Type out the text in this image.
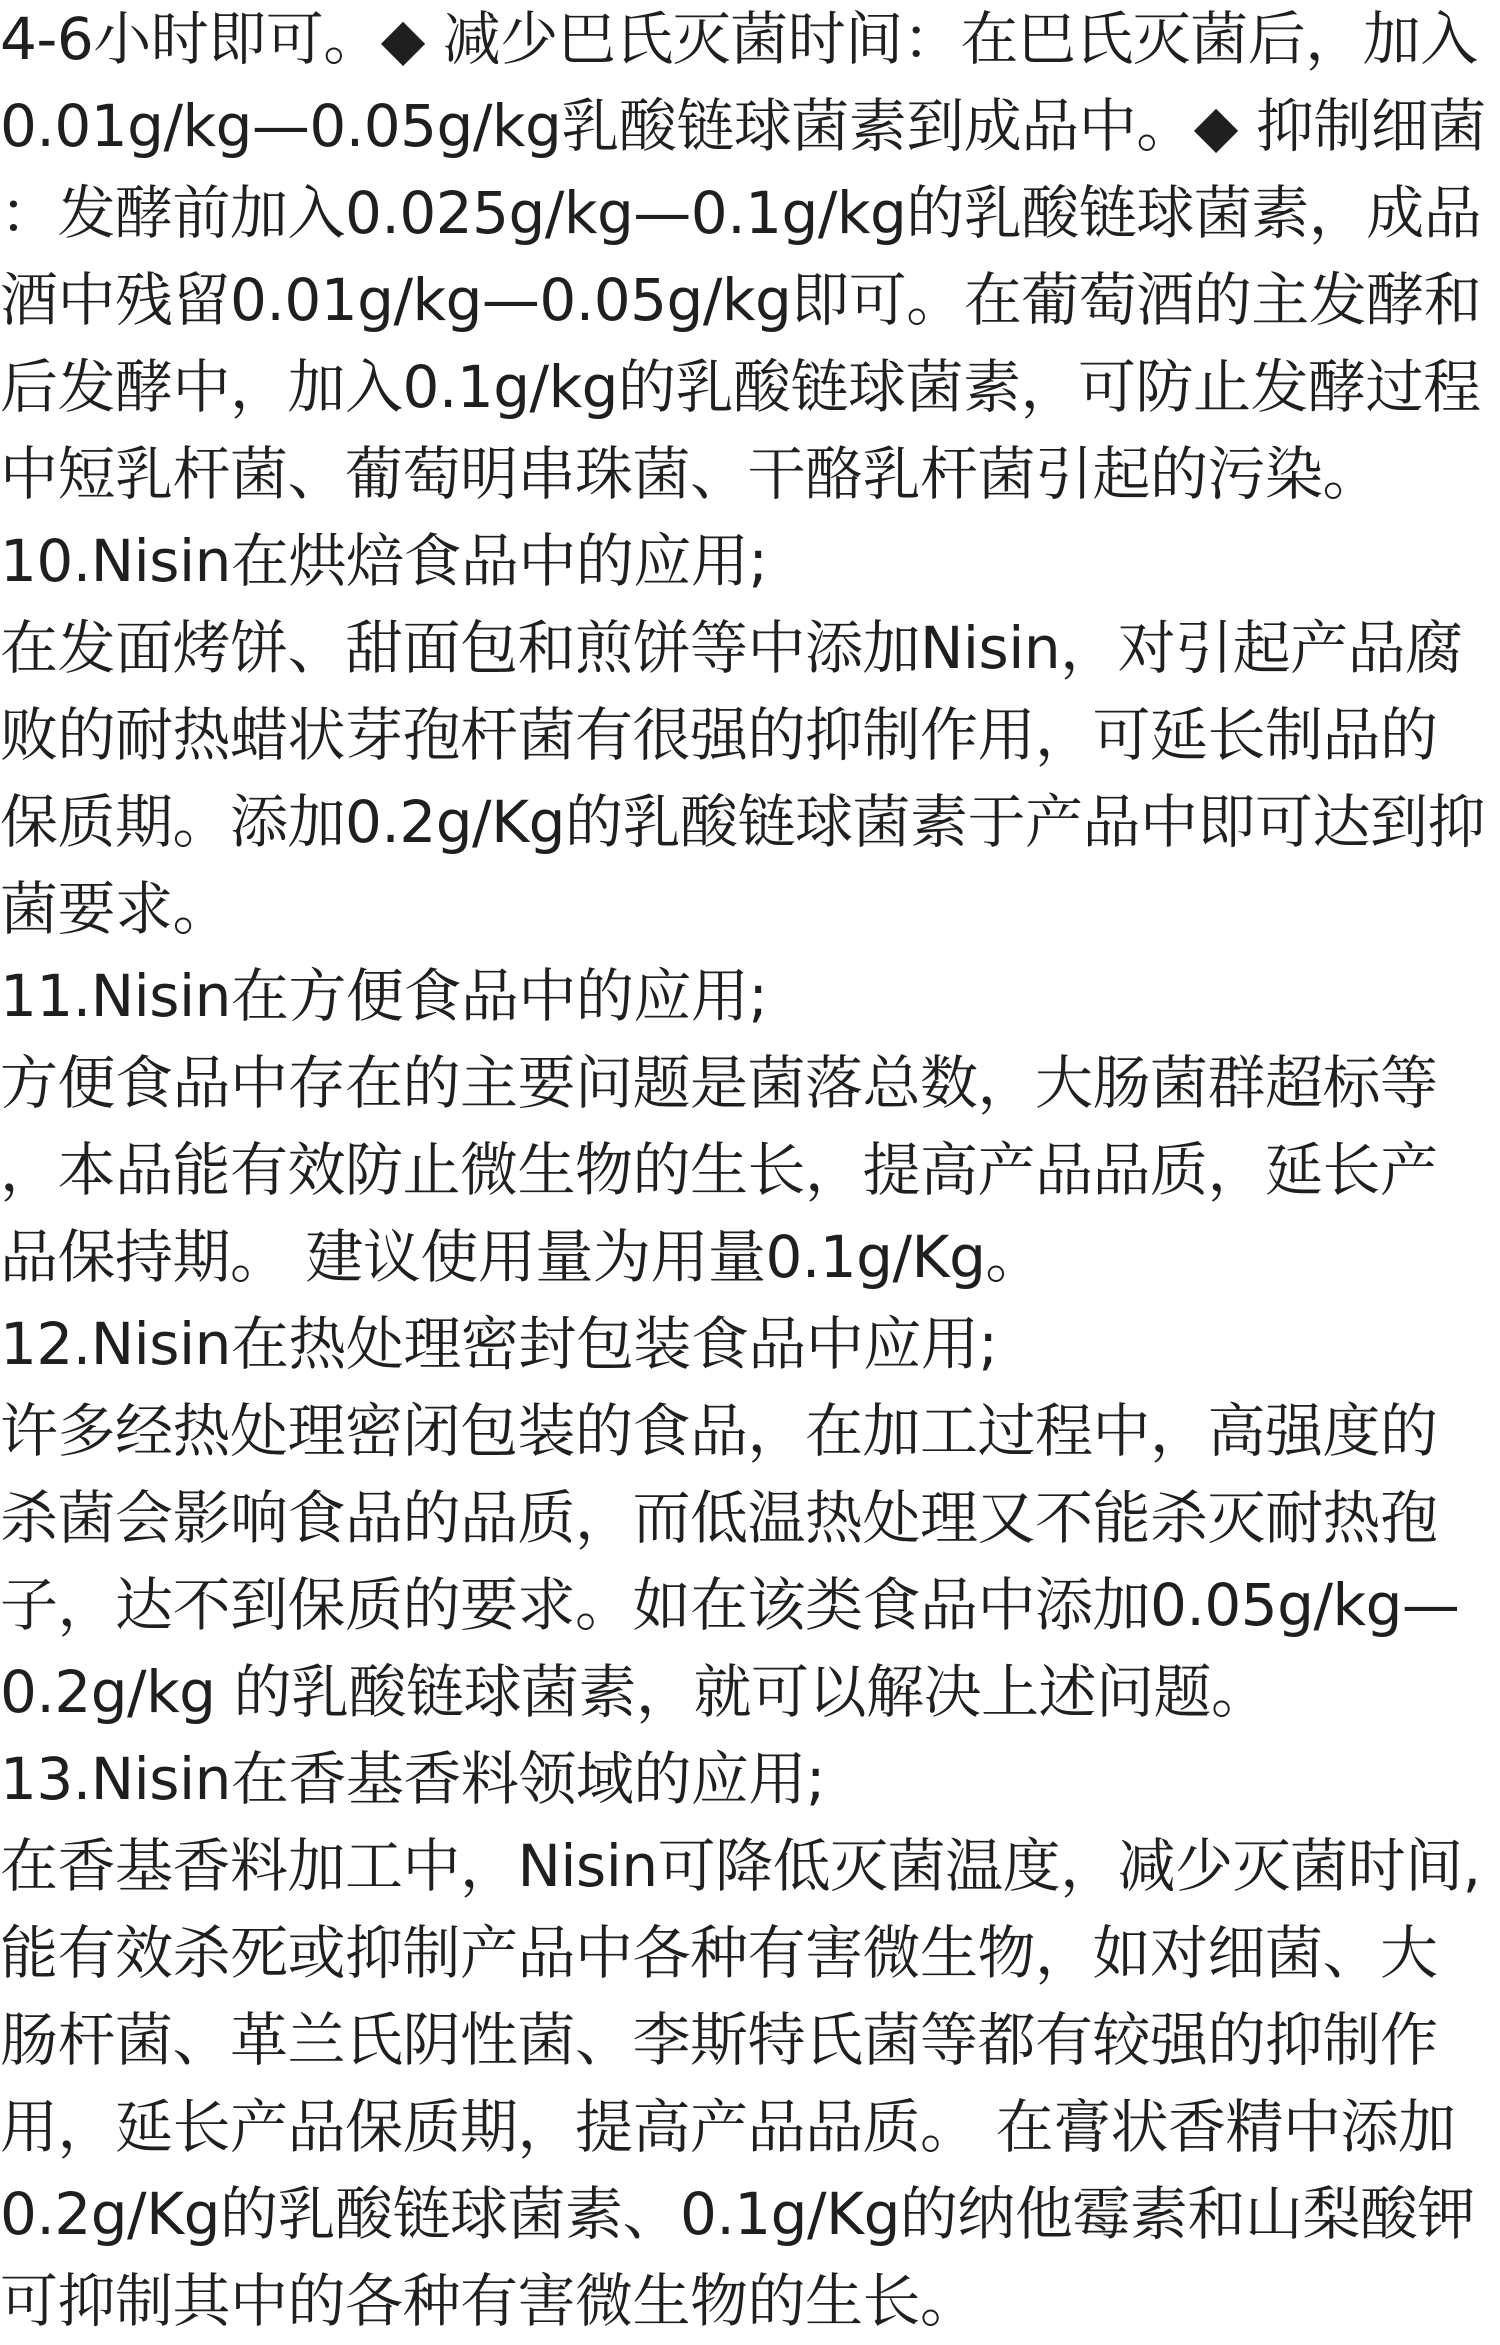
4-6小时即可。◆ 减少巴氏灭菌时间：在巴氏灭菌后，加入
0.01g/kg—0.05g/kg乳酸链球菌素到成品中。◆ 抑制细菌
：发酵前加入0.025g/kg—0.1g/kg的乳酸链球菌素，成品
酒中残留0.01g/kg—0.05g/kg即可。在葡萄酒的主发酵和
后发酵中，加入0.1g/kg的乳酸链球菌素，可防止发酵过程
中短乳杆菌、葡萄明串珠菌、干酪乳杆菌引起的污染。
10.Nisin在烘焙食品中的应用;
在发面烤饼、甜面包和煎饼等中添加Nisin，对引起产品腐
败的耐热蜡状芽孢杆菌有很强的抑制作用，可延长制品的
保质期。添加0.2g/Kg的乳酸链球菌素于产品中即可达到抑
菌要求。
11.Nisin在方便食品中的应用;
方便食品中存在的主要问题是菌落总数，大肠菌群超标等
，本品能有效防止微生物的生长，提高产品品质，延长产
品保持期。 建议使用量为用量0.1g/Kg。
12.Nisin在热处理密封包装食品中应用;
许多经热处理密闭包装的食品，在加工过程中，高强度的
杀菌会影响食品的品质，而低温热处理又不能杀灭耐热孢
子，达不到保质的要求。如在该类食品中添加0.05g/kg—
0.2g/kg 的乳酸链球菌素，就可以解决上述问题。
13.Nisin在香基香料领域的应用;
在香基香料加工中，Nisin可降低灭菌温度，减少灭菌时间,
能有效杀死或抑制产品中各种有害微生物，如对细菌、大
肠杆菌、革兰氏阴性菌、李斯特氏菌等都有较强的抑制作
用，延长产品保质期，提高产品品质。 在膏状香精中添加
0.2g/Kg的乳酸链球菌素、0.1g/Kg的纳他霉素和山梨酸钾
可抑制其中的各种有害微生物的生长。
